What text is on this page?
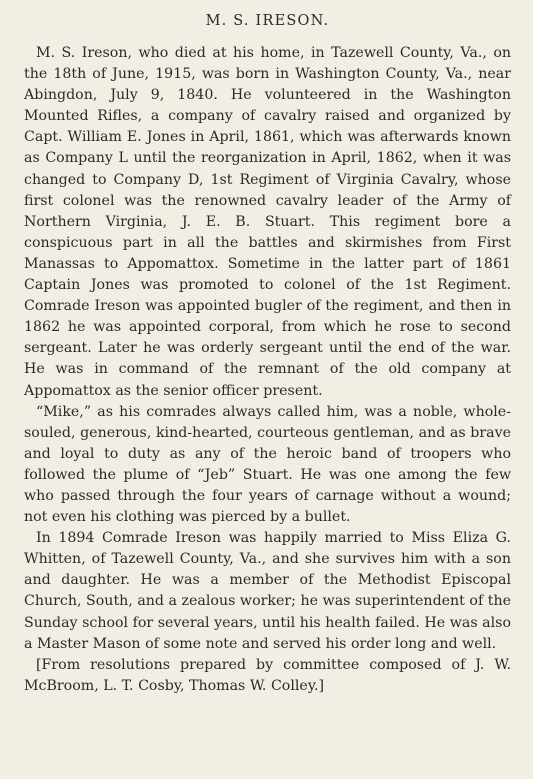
M. S. IRESON.

M. S. Ireson, who died at his home, in Tazewell County, Va., on the 18th of June, 1915, was born in Washington County, Va., near Abingdon, July 9, 1840. He volunteered in the Washington Mounted Rifles, a company of cavalry raised and organized by Capt. William E. Jones in April, 1861, which was afterwards known as Company L until the reorganization in April, 1862, when it was changed to Company D, 1st Regiment of Virginia Cavalry, whose first colonel was the renowned cavalry leader of the Army of Northern Virginia, J. E. B. Stuart. This regiment bore a conspicuous part in all the battles and skirmishes from First Manassas to Appomattox. Sometime in the latter part of 1861 Captain Jones was promoted to colonel of the 1st Regiment. Comrade Ireson was appointed bugler of the regiment, and then in 1862 he was appointed corporal, from which he rose to second sergeant. Later he was orderly sergeant until the end of the war. He was in command of the remnant of the old company at Appomattox as the senior officer present.

“Mike,” as his comrades always called him, was a noble, whole-souled, generous, kind-hearted, courteous gentleman, and as brave and loyal to duty as any of the heroic band of troopers who followed the plume of “Jeb” Stuart. He was one among the few who passed through the four years of carnage without a wound; not even his clothing was pierced by a bullet.

In 1894 Comrade Ireson was happily married to Miss Eliza G. Whitten, of Tazewell County, Va., and she survives him with a son and daughter. He was a member of the Methodist Episcopal Church, South, and a zealous worker; he was superintendent of the Sunday school for several years, until his health failed. He was also a Master Mason of some note and served his order long and well.

[From resolutions prepared by committee composed of J. W. McBroom, L. T. Cosby, Thomas W. Colley.]
